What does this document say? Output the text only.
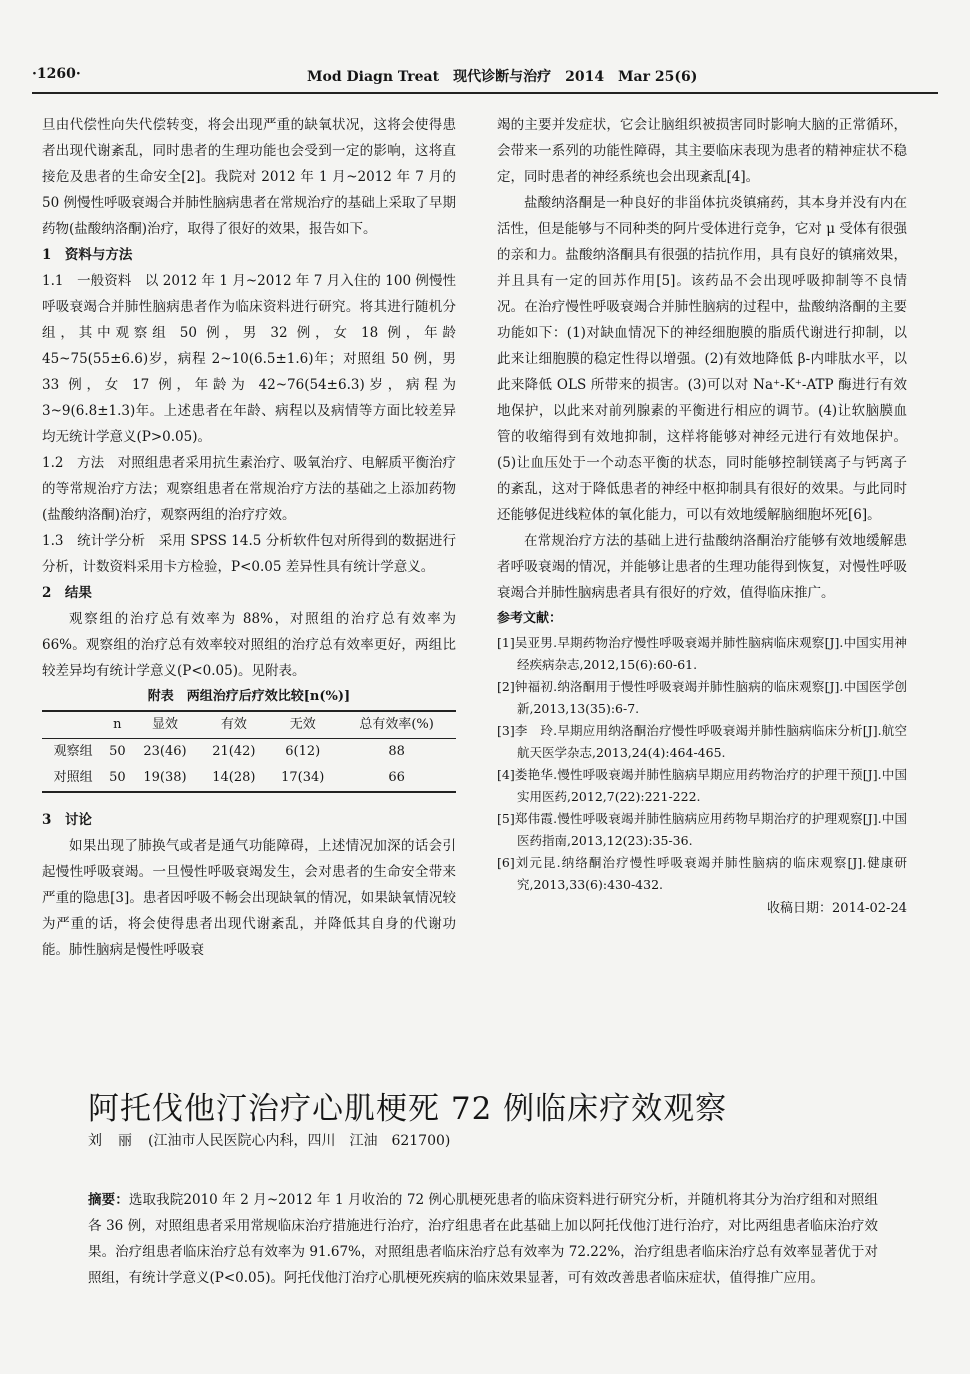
·1260·	Mod Diagn Treat　现代诊断与治疗　2014　Mar 25(6)

旦由代偿性向失代偿转变，将会出现严重的缺氧状况，这将会使得患者出现代谢紊乱，同时患者的生理功能也会受到一定的影响，这将直接危及患者的生命安全[2]。我院对 2012 年 1 月~2012 年 7 月的 50 例慢性呼吸衰竭合并肺性脑病患者在常规治疗的基础上采取了早期药物(盐酸纳洛酮)治疗，取得了很好的效果，报告如下。

1　资料与方法

1.1　一般资料　 以 2012 年 1 月~2012 年 7 月入住的 100 例慢性呼吸衰竭合并肺性脑病患者作为临床资料进行研究。将其进行随机分组，其中观察组 50 例，男 32 例，女 18 例，年龄 45~75(55±6.6)岁，病程 2~10(6.5±1.6)年；对照组 50 例，男 33 例，女 17 例，年龄为 42~76(54±6.3)岁，病程为 3~9(6.8±1.3)年。上述患者在年龄、病程以及病情等方面比较差异均无统计学意义(P>0.05)。

1.2　方法　 对照组患者采用抗生素治疗、吸氧治疗、电解质平衡治疗的等常规治疗方法；观察组患者在常规治疗方法的基础之上添加药物(盐酸纳洛酮)治疗，观察两组的治疗疗效。

1.3　统计学分析　 采用 SPSS 14.5 分析软件包对所得到的数据进行分析，计数资料采用卡方检验，P<0.05 差异性具有统计学意义。

2　结果

观察组的治疗总有效率为 88%，对照组的治疗总有效率为 66%。观察组的治疗总有效率较对照组的治疗总有效率更好，两组比较差异均有统计学意义(P<0.05)。见附表。

附表　两组治疗后疗效比较[n(%)]

	n	显效	有效	无效	总有效率(%)
观察组	50	23(46)	21(42)	6(12)	88
对照组	50	19(38)	14(28)	17(34)	66

3　讨论

如果出现了肺换气或者是通气功能障碍，上述情况加深的话会引起慢性呼吸衰竭。一旦慢性呼吸衰竭发生，会对患者的生命安全带来严重的隐患[3]。患者因呼吸不畅会出现缺氧的情况，如果缺氧情况较为严重的话，将会使得患者出现代谢紊乱，并降低其自身的代谢功能。肺性脑病是慢性呼吸衰

竭的主要并发症状，它会让脑组织被损害同时影响大脑的正常循环，会带来一系列的功能性障碍，其主要临床表现为患者的精神症状不稳定，同时患者的神经系统也会出现紊乱[4]。

盐酸纳洛酮是一种良好的非甾体抗炎镇痛药，其本身并没有内在活性，但是能够与不同种类的阿片受体进行竞争，它对 μ 受体有很强的亲和力。盐酸纳洛酮具有很强的拮抗作用，具有良好的镇痛效果，并且具有一定的回苏作用[5]。该药品不会出现呼吸抑制等不良情况。在治疗慢性呼吸衰竭合并肺性脑病的过程中，盐酸纳洛酮的主要功能如下：(1)对缺血情况下的神经细胞膜的脂质代谢进行抑制，以此来让细胞膜的稳定性得以增强。(2)有效地降低 β-内啡肽水平，以此来降低 OLS 所带来的损害。(3)可以对 Na⁺-K⁺-ATP 酶进行有效地保护，以此来对前列腺素的平衡进行相应的调节。(4)让软脑膜血管的收缩得到有效地抑制，这样将能够对神经元进行有效地保护。(5)让血压处于一个动态平衡的状态，同时能够控制镁离子与钙离子的紊乱，这对于降低患者的神经中枢抑制具有很好的效果。与此同时还能够促进线粒体的氧化能力，可以有效地缓解脑细胞坏死[6]。

在常规治疗方法的基础上进行盐酸纳洛酮治疗能够有效地缓解患者呼吸衰竭的情况，并能够让患者的生理功能得到恢复，对慢性呼吸衰竭合并肺性脑病患者具有很好的疗效，值得临床推广。

参考文献：

[1]吴亚男.早期药物治疗慢性呼吸衰竭并肺性脑病临床观察[J].中国实用神经疾病杂志,2012,15(6):60-61.

[2]钟福初.纳洛酮用于慢性呼吸衰竭并肺性脑病的临床观察[J].中国医学创新,2013,13(35):6-7.

[3]李　玲.早期应用纳洛酮治疗慢性呼吸衰竭并肺性脑病临床分析[J].航空航天医学杂志,2013,24(4):464-465.

[4]娄艳华.慢性呼吸衰竭并肺性脑病早期应用药物治疗的护理干预[J].中国实用医药,2012,7(22):221-222.

[5]郑伟霞.慢性呼吸衰竭并肺性脑病应用药物早期治疗的护理观察[J].中国医药指南,2013,12(23):35-36.

[6]刘元昆.纳络酮治疗慢性呼吸衰竭并肺性脑病的临床观察[J].健康研究,2013,33(6):430-432.

收稿日期：2014-02-24

阿托伐他汀治疗心肌梗死 72 例临床疗效观察
刘丽(江油市人民医院心内科，四川　江油　621700)

摘要：选取我院2010 年 2 月~2012 年 1 月收治的 72 例心肌梗死患者的临床资料进行研究分析，并随机将其分为治疗组和对照组各 36 例，对照组患者采用常规临床治疗措施进行治疗，治疗组患者在此基础上加以阿托伐他汀进行治疗，对比两组患者临床治疗效果。治疗组患者临床治疗总有效率为 91.67%，对照组患者临床治疗总有效率为 72.22%，治疗组患者临床治疗总有效率显著优于对照组，有统计学意义(P<0.05)。阿托伐他汀治疗心肌梗死疾病的临床效果显著，可有效改善患者临床症状，值得推广应用。
